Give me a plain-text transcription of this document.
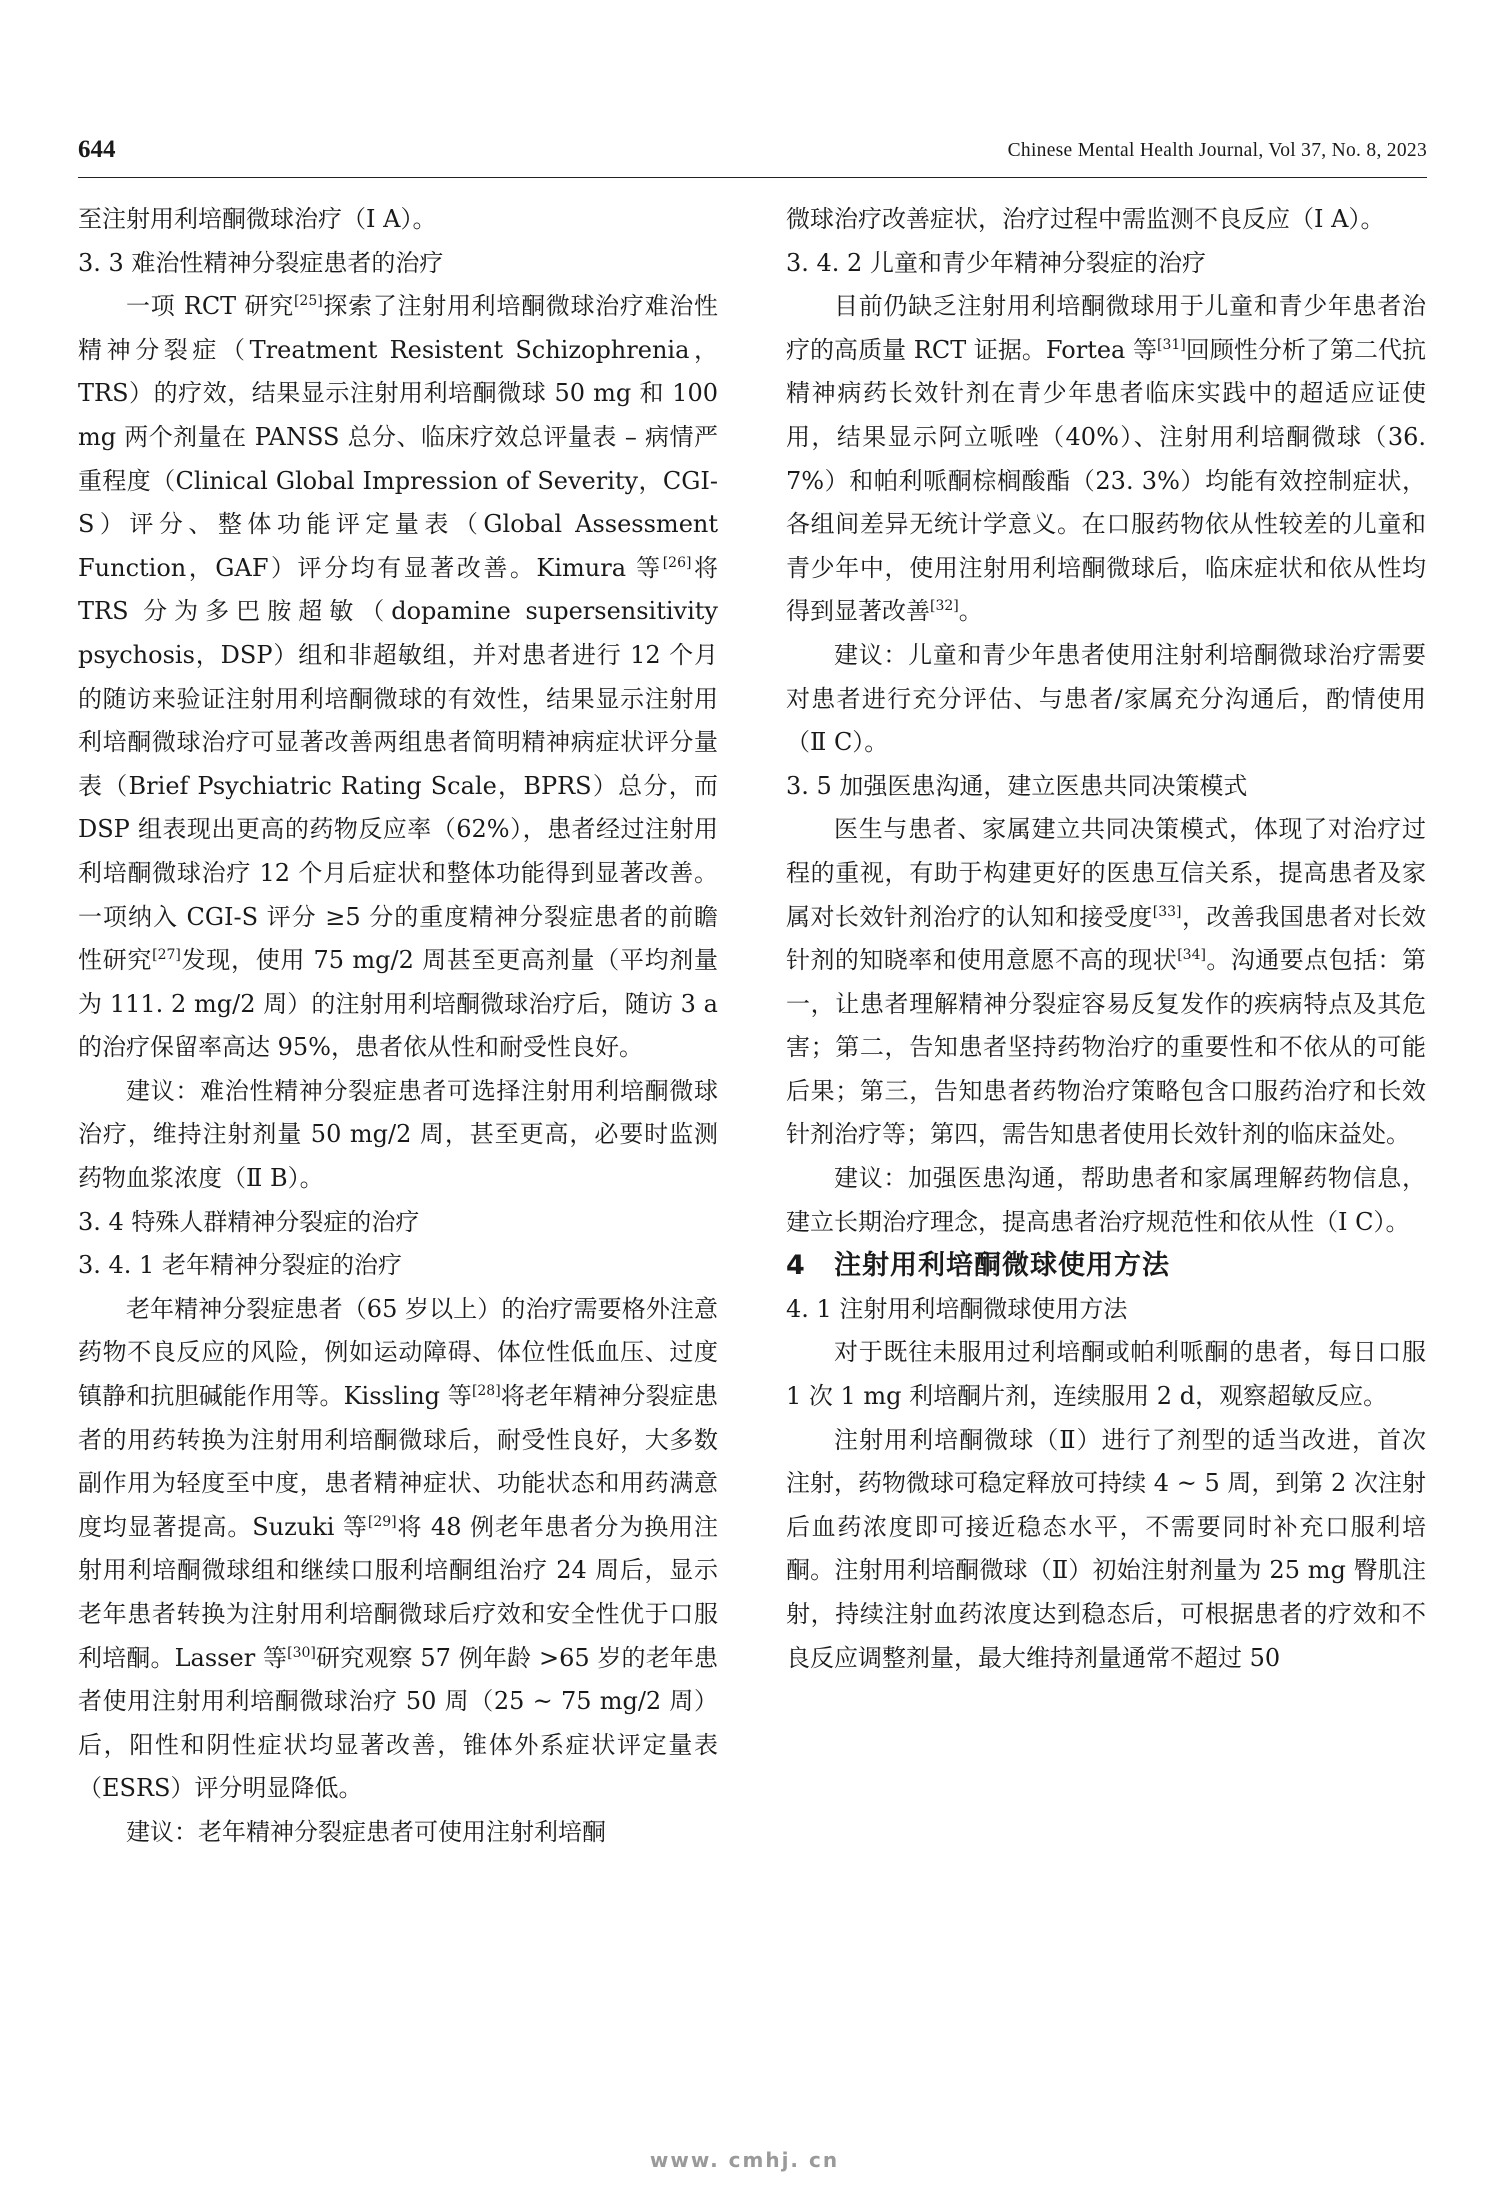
644	Chinese Mental Health Journal, Vol 37, No. 8, 2023

至注射用利培酮微球治疗（Ⅰ A）。

3. 3 难治性精神分裂症患者的治疗

一项 RCT 研究[25]探索了注射用利培酮微球治疗难治性精神分裂症（Treatment Resistent Schizophrenia，TRS）的疗效，结果显示注射用利培酮微球 50 mg 和 100 mg 两个剂量在 PANSS 总分、临床疗效总评量表 – 病情严重程度（Clinical Global Impression of Severity，CGI-S）评分、整体功能评定量表（Global Assessment Function，GAF）评分均有显著改善。Kimura 等[26]将 TRS 分为多巴胺超敏（dopamine supersensitivity psychosis，DSP）组和非超敏组，并对患者进行 12 个月的随访来验证注射用利培酮微球的有效性，结果显示注射用利培酮微球治疗可显著改善两组患者简明精神病症状评分量表（Brief Psychiatric Rating Scale，BPRS）总分，而 DSP 组表现出更高的药物反应率（62%），患者经过注射用利培酮微球治疗 12 个月后症状和整体功能得到显著改善。一项纳入 CGI-S 评分 ≥5 分的重度精神分裂症患者的前瞻性研究[27]发现，使用 75 mg/2 周甚至更高剂量（平均剂量为 111. 2 mg/2 周）的注射用利培酮微球治疗后，随访 3 a 的治疗保留率高达 95%，患者依从性和耐受性良好。

建议：难治性精神分裂症患者可选择注射用利培酮微球治疗，维持注射剂量 50 mg/2 周，甚至更高，必要时监测药物血浆浓度（Ⅱ B）。

3. 4 特殊人群精神分裂症的治疗

3. 4. 1 老年精神分裂症的治疗

老年精神分裂症患者（65 岁以上）的治疗需要格外注意药物不良反应的风险，例如运动障碍、体位性低血压、过度镇静和抗胆碱能作用等。Kissling 等[28]将老年精神分裂症患者的用药转换为注射用利培酮微球后，耐受性良好，大多数副作用为轻度至中度，患者精神症状、功能状态和用药满意度均显著提高。Suzuki 等[29]将 48 例老年患者分为换用注射用利培酮微球组和继续口服利培酮组治疗 24 周后，显示老年患者转换为注射用利培酮微球后疗效和安全性优于口服利培酮。Lasser 等[30]研究观察 57 例年龄 >65 岁的老年患者使用注射用利培酮微球治疗 50 周（25 ~ 75 mg/2 周）后，阳性和阴性症状均显著改善，锥体外系症状评定量表（ESRS）评分明显降低。

建议：老年精神分裂症患者可使用注射利培酮

微球治疗改善症状，治疗过程中需监测不良反应（Ⅰ A）。

3. 4. 2 儿童和青少年精神分裂症的治疗

目前仍缺乏注射用利培酮微球用于儿童和青少年患者治疗的高质量 RCT 证据。Fortea 等[31]回顾性分析了第二代抗精神病药长效针剂在青少年患者临床实践中的超适应证使用，结果显示阿立哌唑（40%）、注射用利培酮微球（36. 7%）和帕利哌酮棕榈酸酯（23. 3%）均能有效控制症状，各组间差异无统计学意义。在口服药物依从性较差的儿童和青少年中，使用注射用利培酮微球后，临床症状和依从性均得到显著改善[32]。

建议：儿童和青少年患者使用注射利培酮微球治疗需要对患者进行充分评估、与患者/家属充分沟通后，酌情使用（Ⅱ C）。

3. 5 加强医患沟通，建立医患共同决策模式

医生与患者、家属建立共同决策模式，体现了对治疗过程的重视，有助于构建更好的医患互信关系，提高患者及家属对长效针剂治疗的认知和接受度[33]，改善我国患者对长效针剂的知晓率和使用意愿不高的现状[34]。沟通要点包括：第一，让患者理解精神分裂症容易反复发作的疾病特点及其危害；第二，告知患者坚持药物治疗的重要性和不依从的可能后果；第三，告知患者药物治疗策略包含口服药治疗和长效针剂治疗等；第四，需告知患者使用长效针剂的临床益处。

建议：加强医患沟通，帮助患者和家属理解药物信息，建立长期治疗理念，提高患者治疗规范性和依从性（Ⅰ C）。

4 注射用利培酮微球使用方法

4. 1 注射用利培酮微球使用方法

对于既往未服用过利培酮或帕利哌酮的患者，每日口服 1 次 1 mg 利培酮片剂，连续服用 2 d，观察超敏反应。

注射用利培酮微球（Ⅱ）进行了剂型的适当改进，首次注射，药物微球可稳定释放可持续 4 ~ 5 周，到第 2 次注射后血药浓度即可接近稳态水平，不需要同时补充口服利培酮。注射用利培酮微球（Ⅱ）初始注射剂量为 25 mg 臀肌注射，持续注射血药浓度达到稳态后，可根据患者的疗效和不良反应调整剂量，最大维持剂量通常不超过 50

www. cmhj. cn
